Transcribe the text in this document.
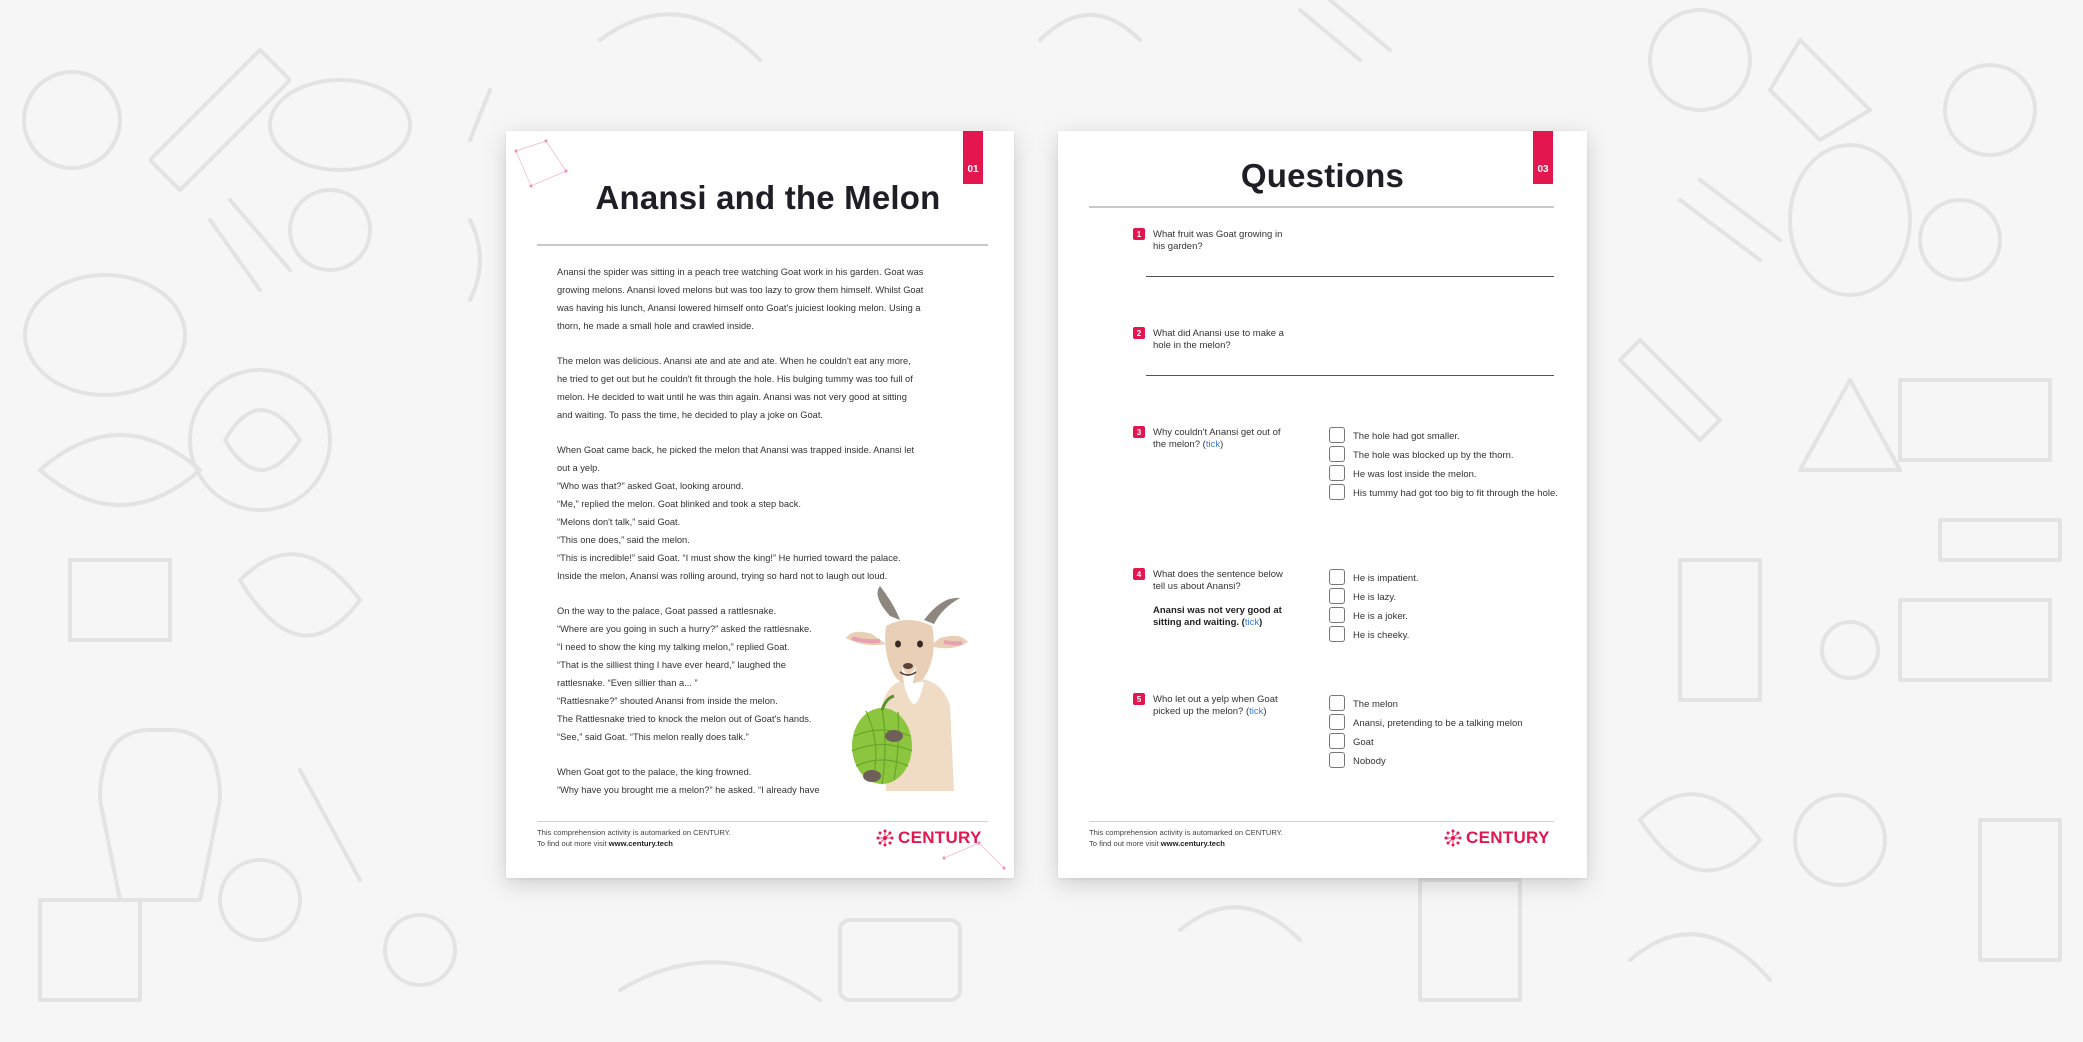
01
Anansi and the Melon

Anansi the spider was sitting in a peach tree watching Goat work in his garden. Goat was
growing melons. Anansi loved melons but was too lazy to grow them himself. Whilst Goat
was having his lunch, Anansi lowered himself onto Goat's juiciest looking melon. Using a
thorn, he made a small hole and crawled inside.

The melon was delicious. Anansi ate and ate and ate. When he couldn't eat any more,
he tried to get out but he couldn't fit through the hole. His bulging tummy was too full of
melon. He decided to wait until he was thin again. Anansi was not very good at sitting
and waiting. To pass the time, he decided to play a joke on Goat.

When Goat came back, he picked the melon that Anansi was trapped inside. Anansi let
out a yelp.
“Who was that?” asked Goat, looking around.
“Me,” replied the melon. Goat blinked and took a step back.
“Melons don't talk,” said Goat.
“This one does,” said the melon.
“This is incredible!” said Goat. “I must show the king!” He hurried toward the palace.
Inside the melon, Anansi was rolling around, trying so hard not to laugh out loud.

On the way to the palace, Goat passed a rattlesnake.
“Where are you going in such a hurry?” asked the rattlesnake.
“I need to show the king my talking melon,” replied Goat.
“That is the silliest thing I have ever heard,” laughed the
rattlesnake. “Even sillier than a... ”
“Rattlesnake?” shouted Anansi from inside the melon.
The Rattlesnake tried to knock the melon out of Goat's hands.
“See,” said Goat. “This melon really does talk.”

When Goat got to the palace, the king frowned.
“Why have you brought me a melon?” he asked. “I already have

This comprehension activity is automarked on CENTURY.
To find out more visit www.century.tech	CENTURY
03
Questions
1	What fruit was Goat growing in
his garden?
2	What did Anansi use to make a
hole in the melon?
3	Why couldn't Anansi get out of
the melon? (tick)
The hole had got smaller.
The hole was blocked up by the thorn.
He was lost inside the melon.
His tummy had got too big to fit through the hole.
4	What does the sentence below
tell us about Anansi?
Anansi was not very good at
sitting and waiting. (tick)
He is impatient.
He is lazy.
He is a joker.
He is cheeky.
5	Who let out a yelp when Goat
picked up the melon? (tick)
The melon
Anansi, pretending to be a talking melon
Goat
Nobody
This comprehension activity is automarked on CENTURY.
To find out more visit www.century.tech	CENTURY
